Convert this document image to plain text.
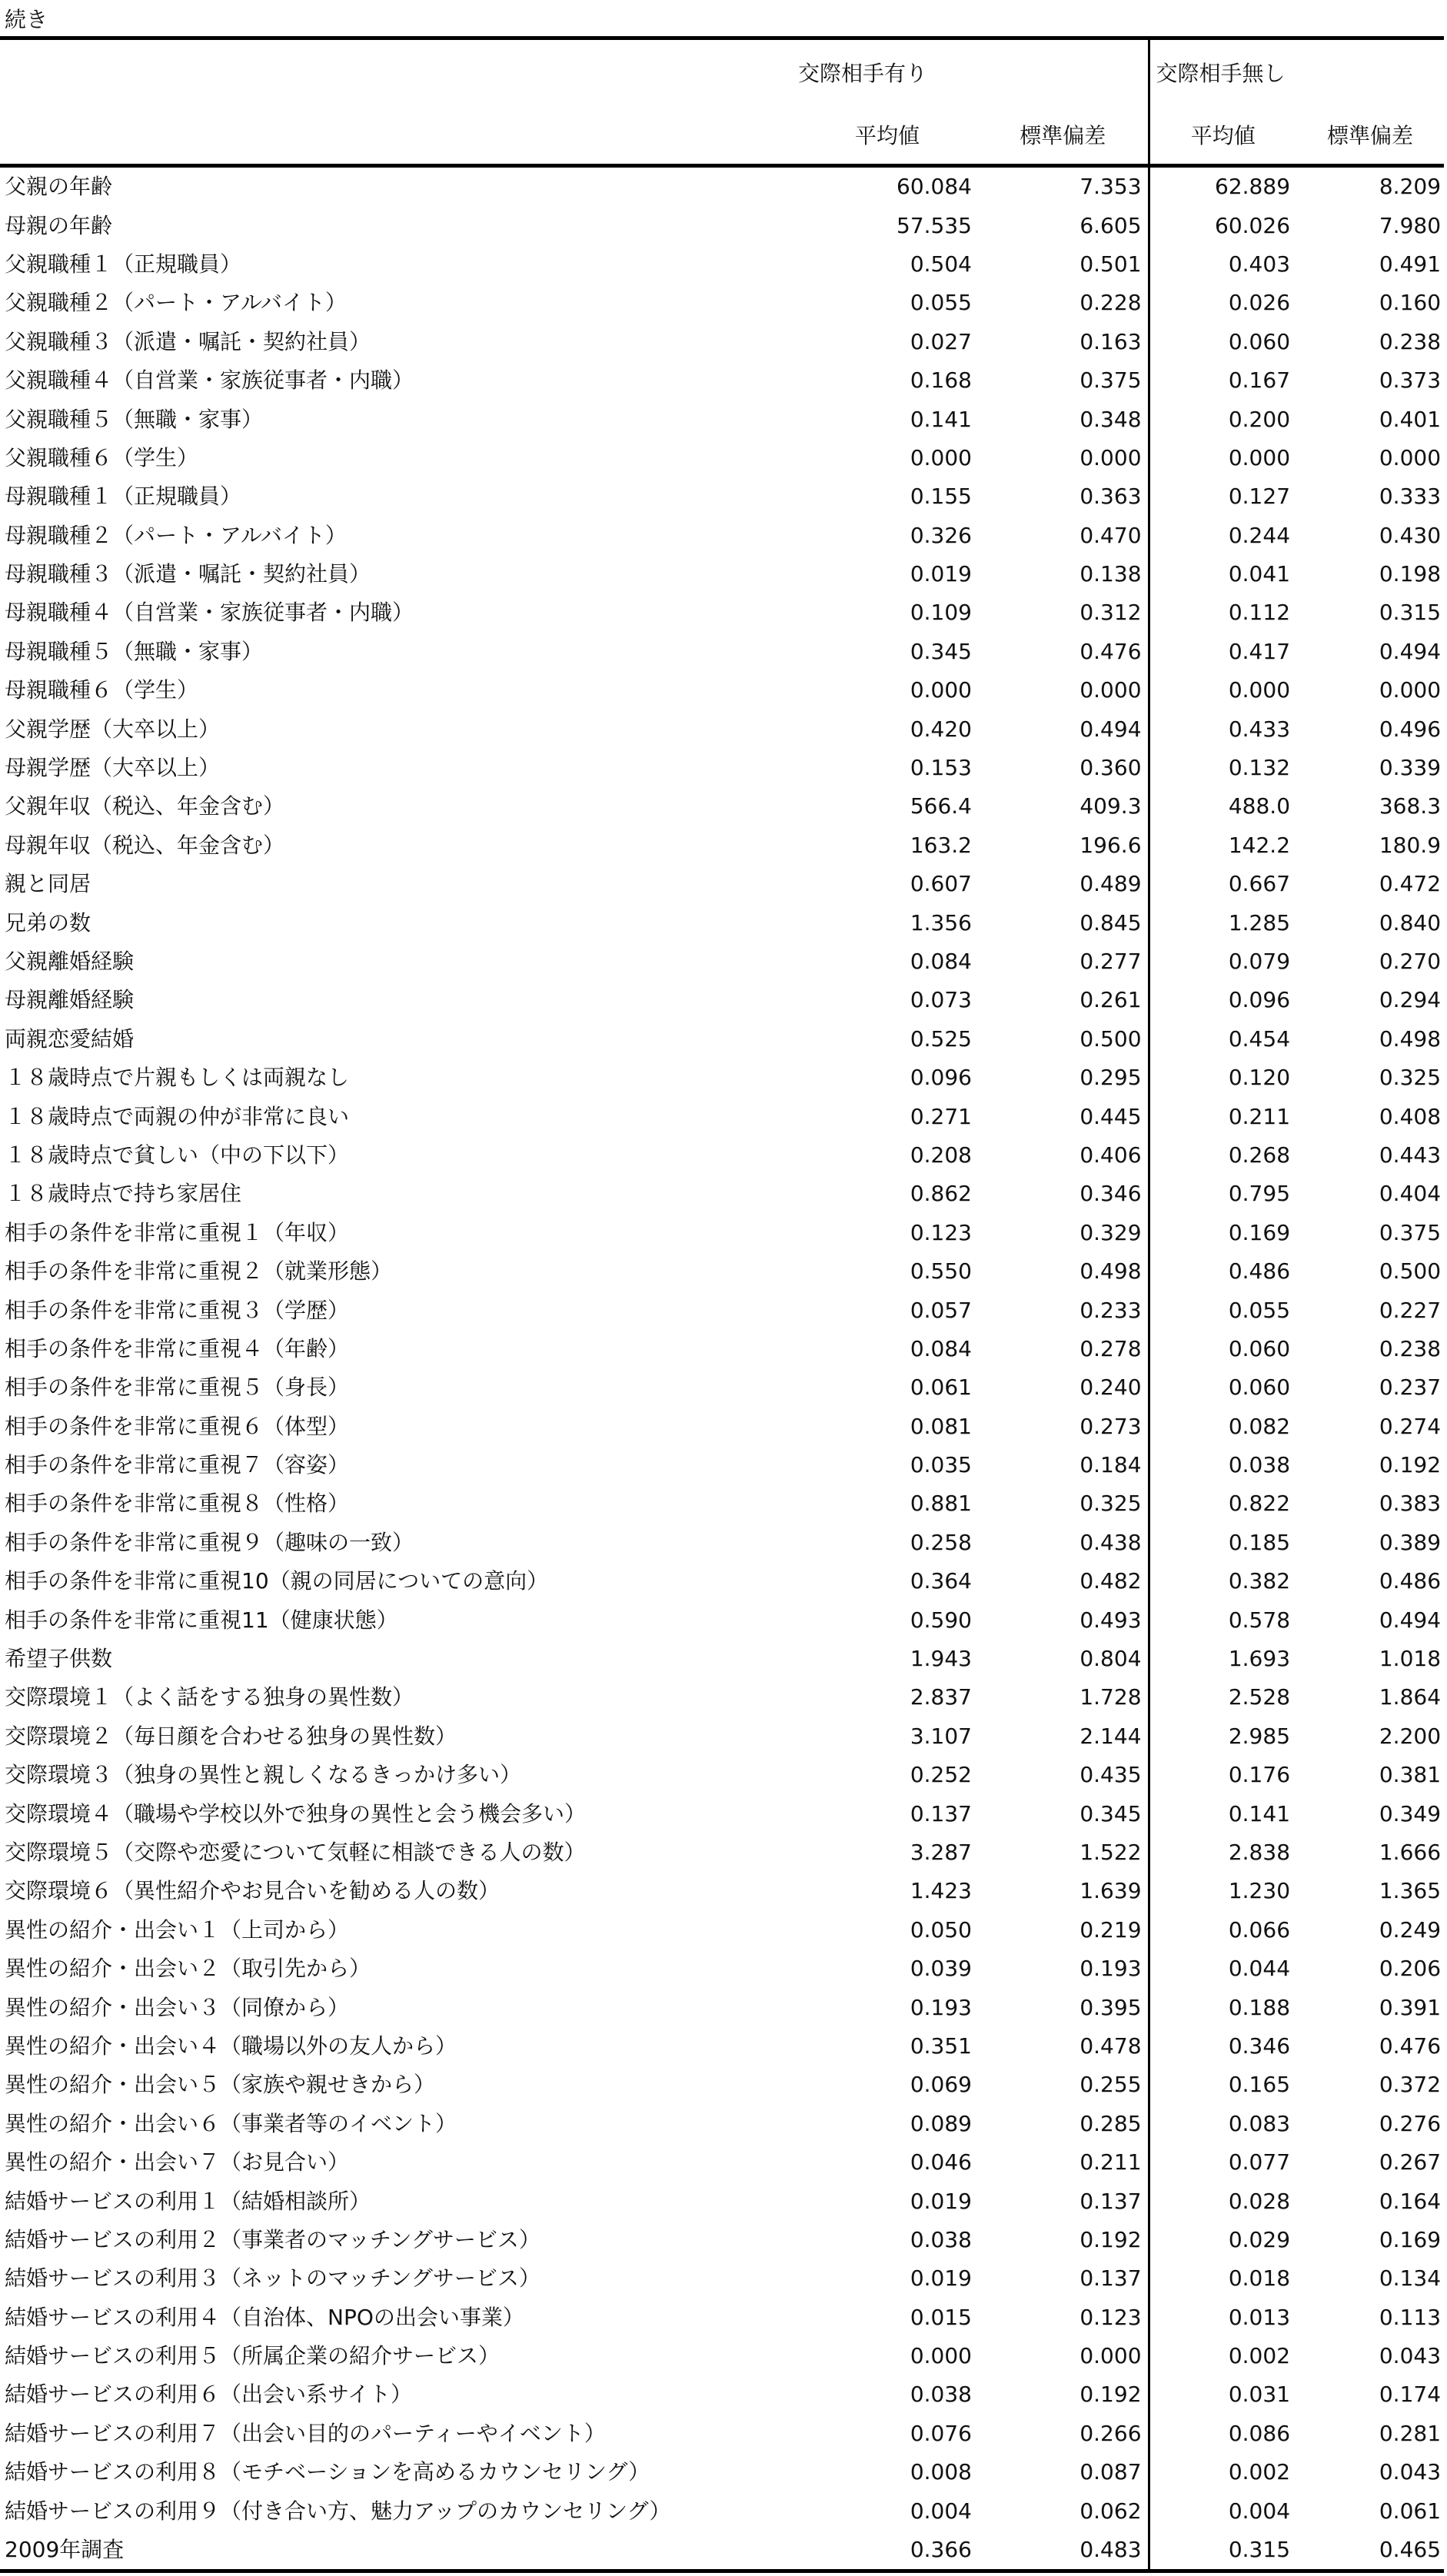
続き
	交際相手有り		交際相手無し	
	平均値	標準偏差	平均値	標準偏差
父親の年齢	60.084	7.353	62.889	8.209
母親の年齢	57.535	6.605	60.026	7.980
父親職種１（正規職員）	0.504	0.501	0.403	0.491
父親職種２（パート・アルバイト）	0.055	0.228	0.026	0.160
父親職種３（派遣・嘱託・契約社員）	0.027	0.163	0.060	0.238
父親職種４（自営業・家族従事者・内職）	0.168	0.375	0.167	0.373
父親職種５（無職・家事）	0.141	0.348	0.200	0.401
父親職種６（学生）	0.000	0.000	0.000	0.000
母親職種１（正規職員）	0.155	0.363	0.127	0.333
母親職種２（パート・アルバイト）	0.326	0.470	0.244	0.430
母親職種３（派遣・嘱託・契約社員）	0.019	0.138	0.041	0.198
母親職種４（自営業・家族従事者・内職）	0.109	0.312	0.112	0.315
母親職種５（無職・家事）	0.345	0.476	0.417	0.494
母親職種６（学生）	0.000	0.000	0.000	0.000
父親学歴（大卒以上）	0.420	0.494	0.433	0.496
母親学歴（大卒以上）	0.153	0.360	0.132	0.339
父親年収（税込、年金含む）	566.4	409.3	488.0	368.3
母親年収（税込、年金含む）	163.2	196.6	142.2	180.9
親と同居	0.607	0.489	0.667	0.472
兄弟の数	1.356	0.845	1.285	0.840
父親離婚経験	0.084	0.277	0.079	0.270
母親離婚経験	0.073	0.261	0.096	0.294
両親恋愛結婚	0.525	0.500	0.454	0.498
１８歳時点で片親もしくは両親なし	0.096	0.295	0.120	0.325
１８歳時点で両親の仲が非常に良い	0.271	0.445	0.211	0.408
１８歳時点で貧しい（中の下以下）	0.208	0.406	0.268	0.443
１８歳時点で持ち家居住	0.862	0.346	0.795	0.404
相手の条件を非常に重視１（年収）	0.123	0.329	0.169	0.375
相手の条件を非常に重視２（就業形態）	0.550	0.498	0.486	0.500
相手の条件を非常に重視３（学歴）	0.057	0.233	0.055	0.227
相手の条件を非常に重視４（年齢）	0.084	0.278	0.060	0.238
相手の条件を非常に重視５（身長）	0.061	0.240	0.060	0.237
相手の条件を非常に重視６（体型）	0.081	0.273	0.082	0.274
相手の条件を非常に重視７（容姿）	0.035	0.184	0.038	0.192
相手の条件を非常に重視８（性格）	0.881	0.325	0.822	0.383
相手の条件を非常に重視９（趣味の一致）	0.258	0.438	0.185	0.389
相手の条件を非常に重視10（親の同居についての意向）	0.364	0.482	0.382	0.486
相手の条件を非常に重視11（健康状態）	0.590	0.493	0.578	0.494
希望子供数	1.943	0.804	1.693	1.018
交際環境１（よく話をする独身の異性数）	2.837	1.728	2.528	1.864
交際環境２（毎日顔を合わせる独身の異性数）	3.107	2.144	2.985	2.200
交際環境３（独身の異性と親しくなるきっかけ多い）	0.252	0.435	0.176	0.381
交際環境４（職場や学校以外で独身の異性と会う機会多い）	0.137	0.345	0.141	0.349
交際環境５（交際や恋愛について気軽に相談できる人の数）	3.287	1.522	2.838	1.666
交際環境６（異性紹介やお見合いを勧める人の数）	1.423	1.639	1.230	1.365
異性の紹介・出会い１（上司から）	0.050	0.219	0.066	0.249
異性の紹介・出会い２（取引先から）	0.039	0.193	0.044	0.206
異性の紹介・出会い３（同僚から）	0.193	0.395	0.188	0.391
異性の紹介・出会い４（職場以外の友人から）	0.351	0.478	0.346	0.476
異性の紹介・出会い５（家族や親せきから）	0.069	0.255	0.165	0.372
異性の紹介・出会い６（事業者等のイベント）	0.089	0.285	0.083	0.276
異性の紹介・出会い７（お見合い）	0.046	0.211	0.077	0.267
結婚サービスの利用１（結婚相談所）	0.019	0.137	0.028	0.164
結婚サービスの利用２（事業者のマッチングサービス）	0.038	0.192	0.029	0.169
結婚サービスの利用３（ネットのマッチングサービス）	0.019	0.137	0.018	0.134
結婚サービスの利用４（自治体、NPOの出会い事業）	0.015	0.123	0.013	0.113
結婚サービスの利用５（所属企業の紹介サービス）	0.000	0.000	0.002	0.043
結婚サービスの利用６（出会い系サイト）	0.038	0.192	0.031	0.174
結婚サービスの利用７（出会い目的のパーティーやイベント）	0.076	0.266	0.086	0.281
結婚サービスの利用８（モチベーションを高めるカウンセリング）	0.008	0.087	0.002	0.043
結婚サービスの利用９（付き合い方、魅力アップのカウンセリング）	0.004	0.062	0.004	0.061
2009年調査	0.366	0.483	0.315	0.465
